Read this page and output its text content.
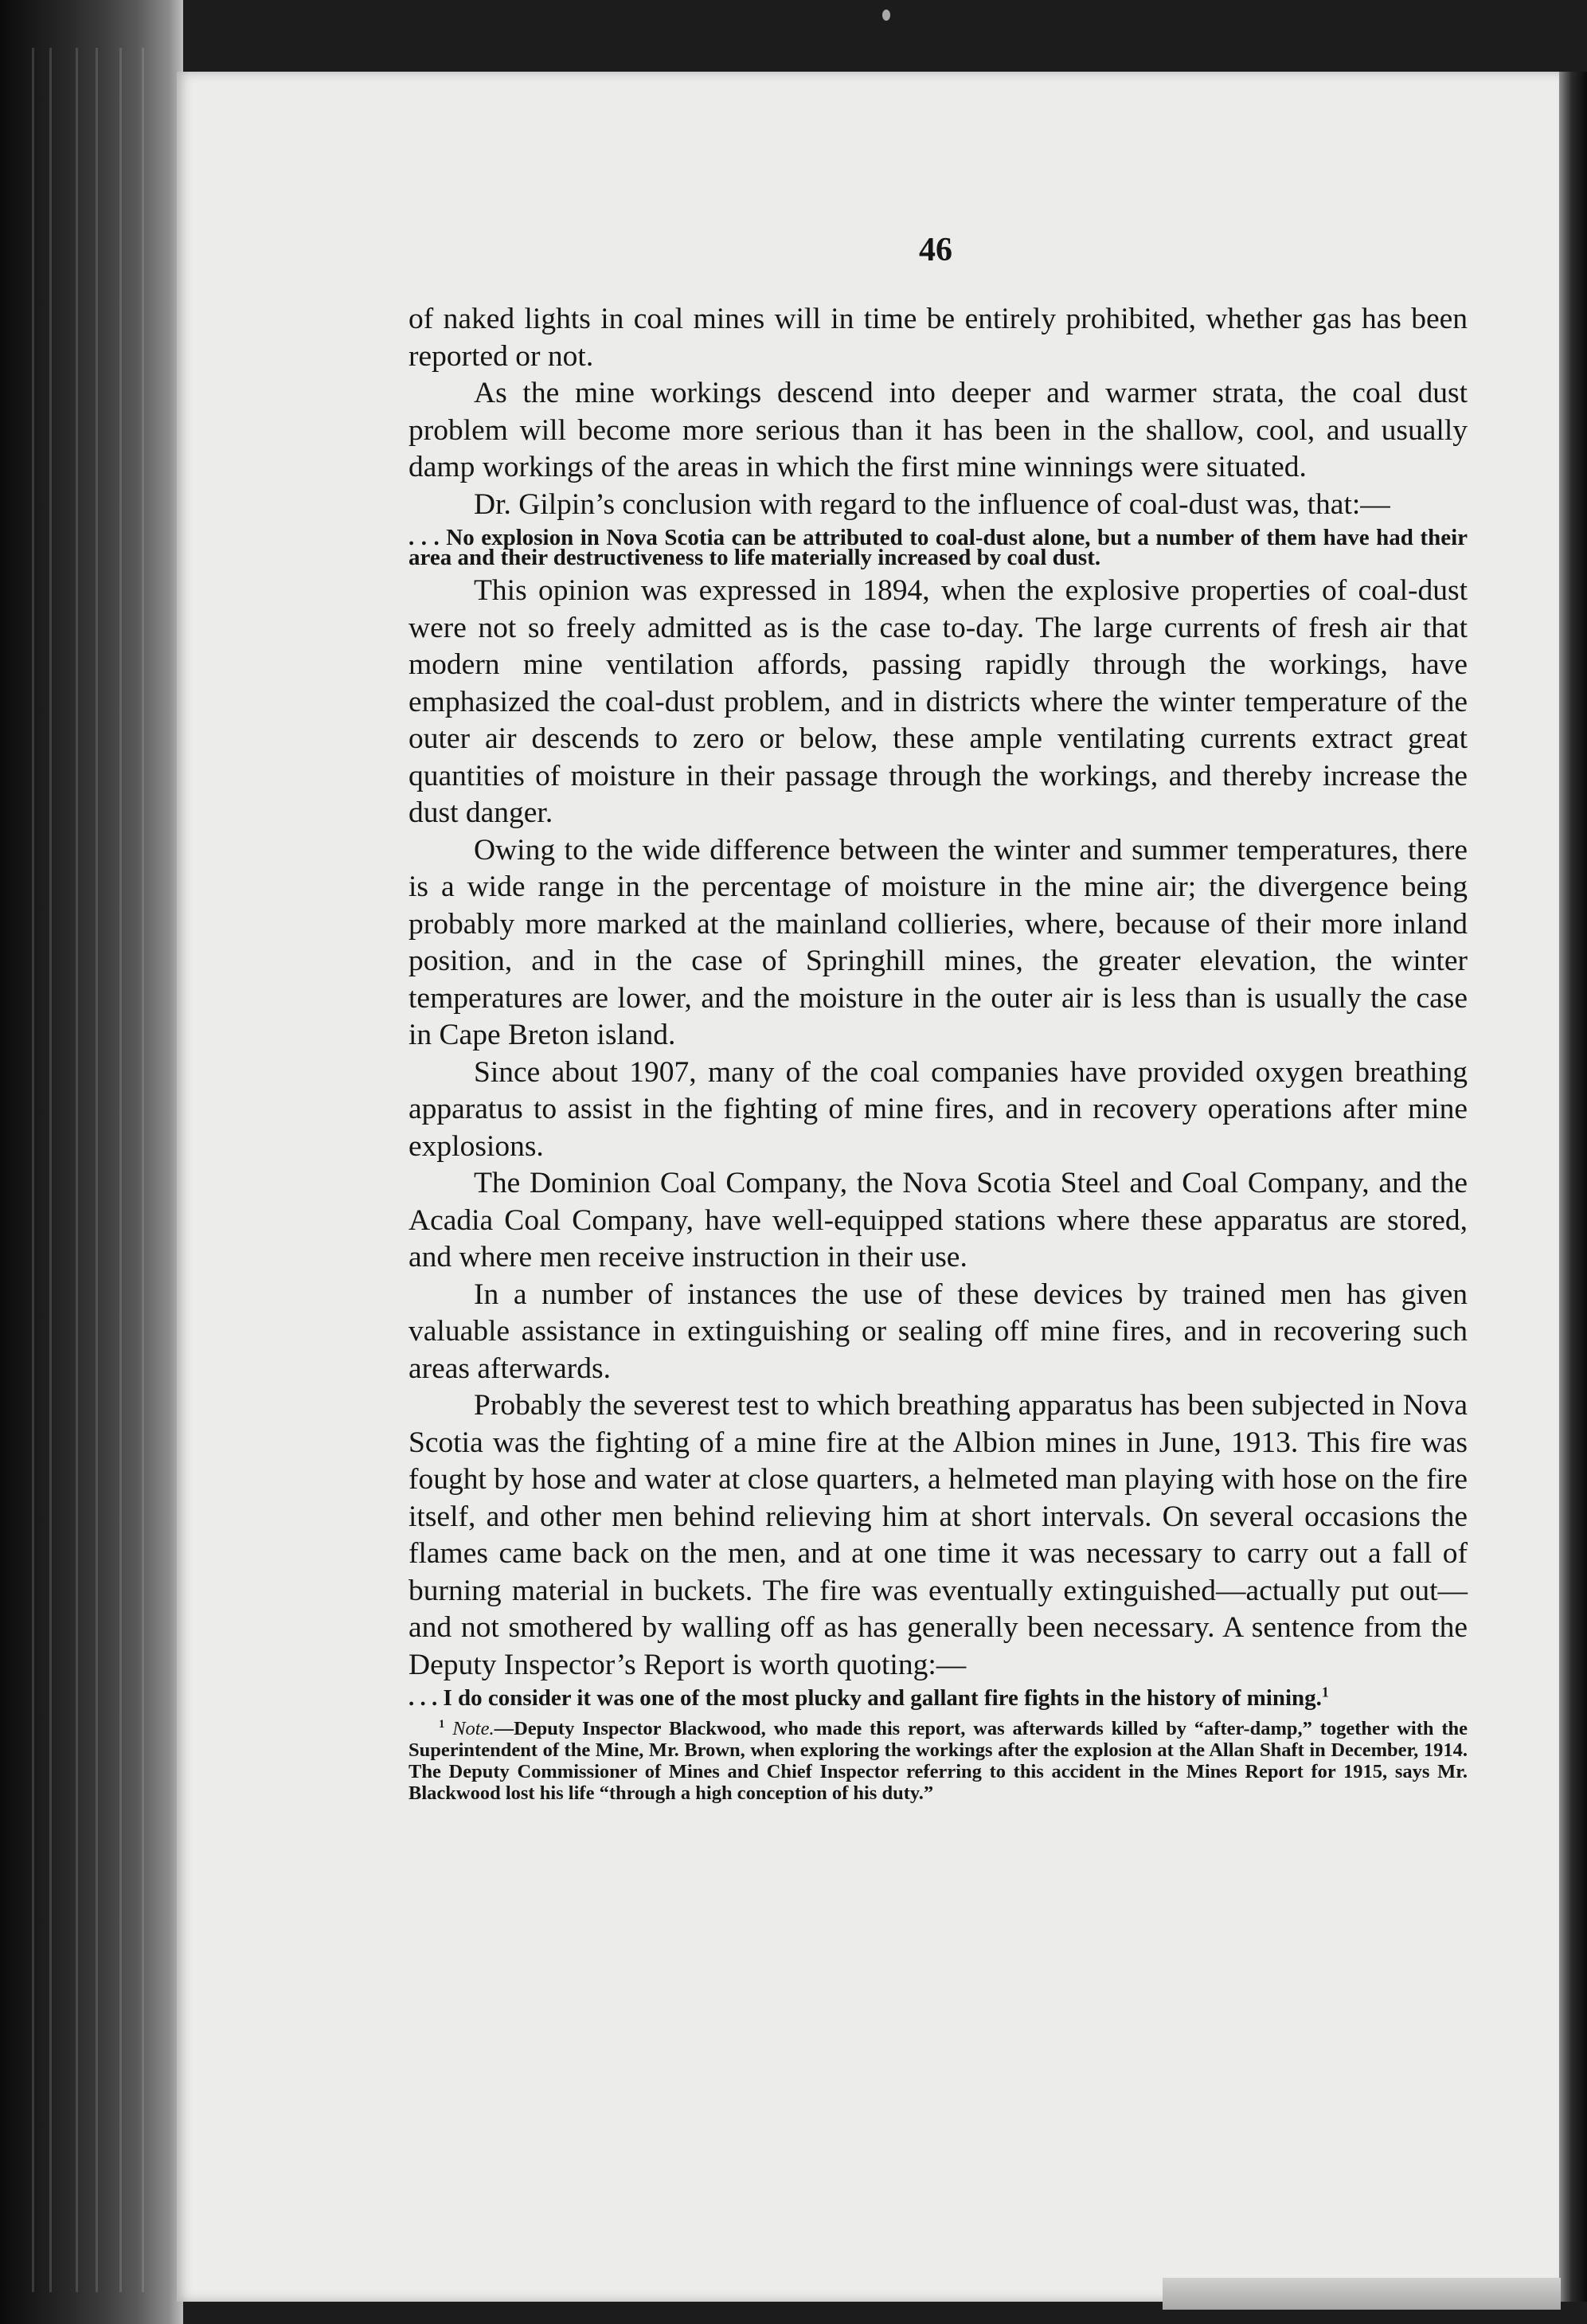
46

of naked lights in coal mines will in time be entirely prohibited, whether gas has been reported or not.

As the mine workings descend into deeper and warmer strata, the coal dust problem will become more serious than it has been in the shallow, cool, and usually damp workings of the areas in which the first mine winnings were situated.

Dr. Gilpin’s conclusion with regard to the influence of coal-dust was, that:—

. . . No explosion in Nova Scotia can be attributed to coal-dust alone, but a number of them have had their area and their destructiveness to life materially increased by coal dust.

This opinion was expressed in 1894, when the explosive properties of coal-dust were not so freely admitted as is the case to-day. The large currents of fresh air that modern mine ventilation affords, passing rapidly through the workings, have emphasized the coal-dust problem, and in districts where the winter temperature of the outer air descends to zero or below, these ample ventilating currents extract great quantities of moisture in their passage through the workings, and thereby increase the dust danger.

Owing to the wide difference between the winter and summer temperatures, there is a wide range in the percentage of moisture in the mine air; the divergence being probably more marked at the mainland collieries, where, because of their more inland position, and in the case of Springhill mines, the greater elevation, the winter temperatures are lower, and the moisture in the outer air is less than is usually the case in Cape Breton island.

Since about 1907, many of the coal companies have provided oxygen breathing apparatus to assist in the fighting of mine fires, and in recovery operations after mine explosions.

The Dominion Coal Company, the Nova Scotia Steel and Coal Company, and the Acadia Coal Company, have well-equipped stations where these apparatus are stored, and where men receive instruction in their use.

In a number of instances the use of these devices by trained men has given valuable assistance in extinguishing or sealing off mine fires, and in recovering such areas afterwards.

Probably the severest test to which breathing apparatus has been subjected in Nova Scotia was the fighting of a mine fire at the Albion mines in June, 1913. This fire was fought by hose and water at close quarters, a helmeted man playing with hose on the fire itself, and other men behind relieving him at short intervals. On several occasions the flames came back on the men, and at one time it was necessary to carry out a fall of burning material in buckets. The fire was eventually extinguished—actually put out—and not smothered by walling off as has generally been necessary. A sentence from the Deputy Inspector’s Report is worth quoting:—

. . . I do consider it was one of the most plucky and gallant fire fights in the history of mining.$^1$

$^1$ Note.—Deputy Inspector Blackwood, who made this report, was afterwards killed by “after-damp,” together with the Superintendent of the Mine, Mr. Brown, when exploring the workings after the explosion at the Allan Shaft in December, 1914. The Deputy Commissioner of Mines and Chief Inspector referring to this accident in the Mines Report for 1915, says Mr. Blackwood lost his life “through a high conception of his duty.”
